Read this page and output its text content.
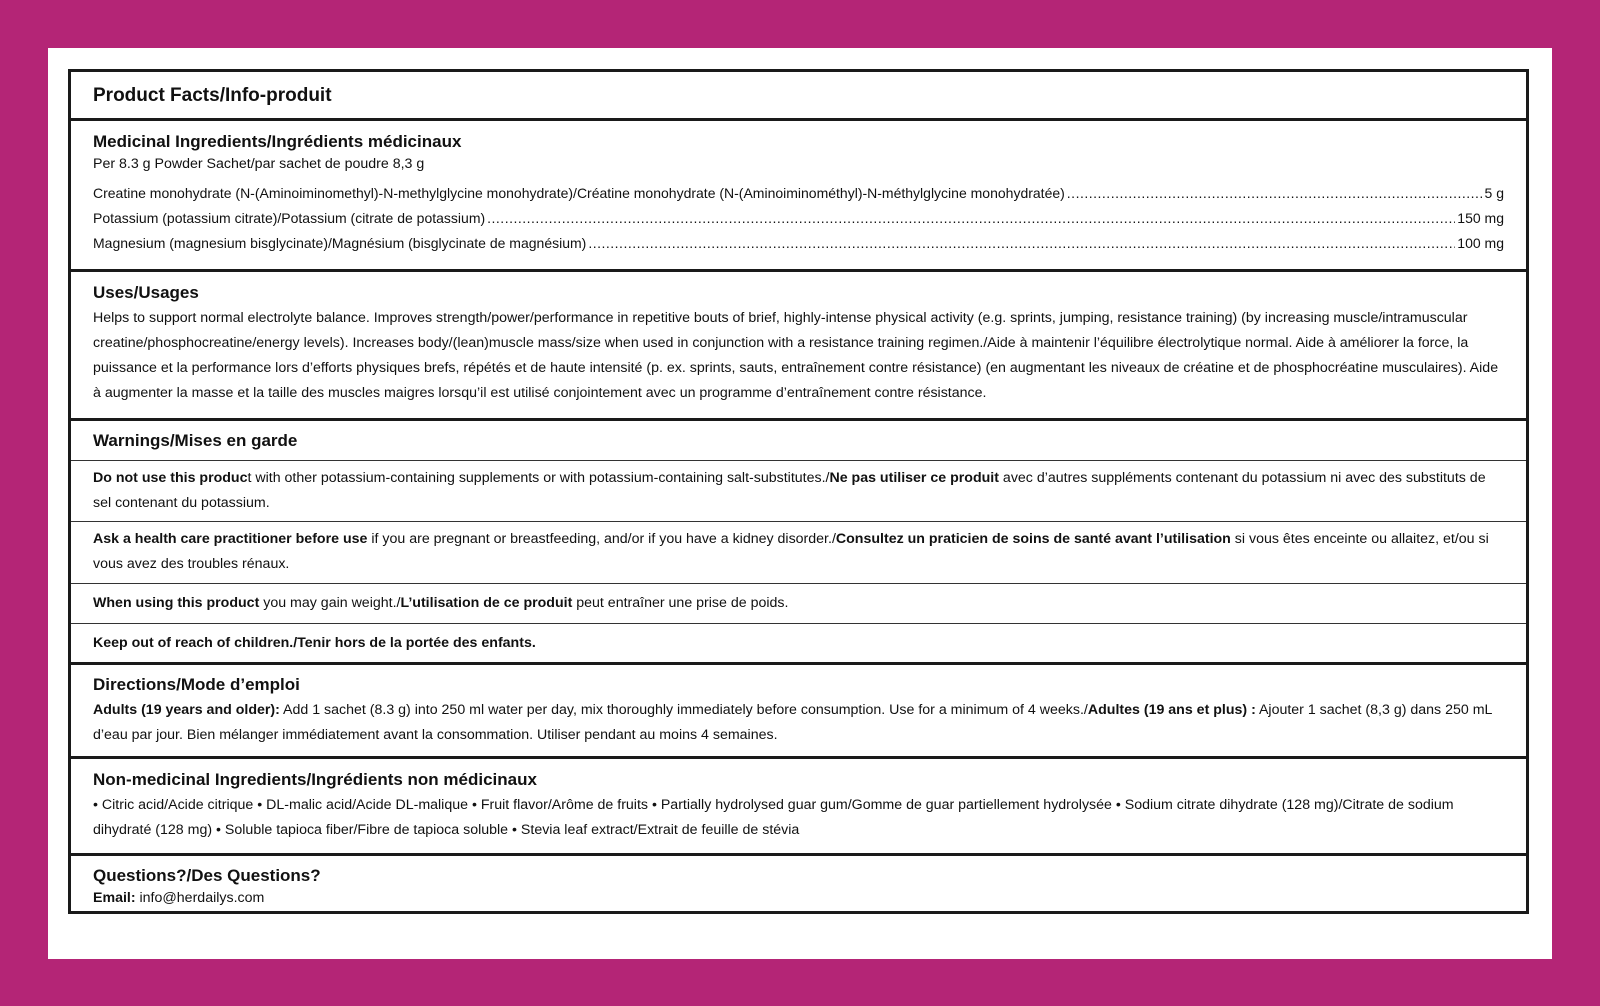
Product Facts/Info-produit

Medicinal Ingredients/Ingrédients médicinaux

Per 8.3 g Powder Sachet/par sachet de poudre 8,3 g

Creatine monohydrate (N-(Aminoiminomethyl)-N-methylglycine monohydrate)/Créatine monohydrate (N-(Aminoiminométhyl)-N-méthylglycine monohydratée) .....	5 g
Potassium (potassium citrate)/Potassium (citrate de potassium) .....	150 mg
Magnesium (magnesium bisglycinate)/Magnésium (bisglycinate de magnésium) .....	100 mg

Uses/Usages

Helps to support normal electrolyte balance. Improves strength/power/performance in repetitive bouts of brief, highly-intense physical activity (e.g. sprints, jumping, resistance training) (by increasing muscle/intramuscular creatine/phosphocreatine/energy levels). Increases body/(lean)muscle mass/size when used in conjunction with a resistance training regimen./Aide à maintenir l’équilibre électrolytique normal. Aide à améliorer la force, la puissance et la performance lors d’efforts physiques brefs, répétés et de haute intensité (p. ex. sprints, sauts, entraînement contre résistance) (en augmentant les niveaux de créatine et de phosphocréatine musculaires). Aide à augmenter la masse et la taille des muscles maigres lorsqu’il est utilisé conjointement avec un programme d’entraînement contre résistance.

Warnings/Mises en garde

Do not use this product with other potassium-containing supplements or with potassium-containing salt-substitutes./Ne pas utiliser ce produit avec d’autres suppléments contenant du potassium ni avec des substituts de sel contenant du potassium.

Ask a health care practitioner before use if you are pregnant or breastfeeding, and/or if you have a kidney disorder./Consultez un praticien de soins de santé avant l’utilisation si vous êtes enceinte ou allaitez, et/ou si vous avez des troubles rénaux.

When using this product you may gain weight./L’utilisation de ce produit peut entraîner une prise de poids.

Keep out of reach of children./Tenir hors de la portée des enfants.

Directions/Mode d’emploi

Adults (19 years and older): Add 1 sachet (8.3 g) into 250 ml water per day, mix thoroughly immediately before consumption. Use for a minimum of 4 weeks./Adultes (19 ans et plus) : Ajouter 1 sachet (8,3 g) dans 250 mL d’eau par jour. Bien mélanger immédiatement avant la consommation. Utiliser pendant au moins 4 semaines.

Non-medicinal Ingredients/Ingrédients non médicinaux

• Citric acid/Acide citrique • DL-malic acid/Acide DL-malique • Fruit flavor/Arôme de fruits • Partially hydrolysed guar gum/Gomme de guar partiellement hydrolysée • Sodium citrate dihydrate (128 mg)/Citrate de sodium dihydraté (128 mg) • Soluble tapioca fiber/Fibre de tapioca soluble • Stevia leaf extract/Extrait de feuille de stévia

Questions?/Des Questions?

Email: info@herdailys.com
